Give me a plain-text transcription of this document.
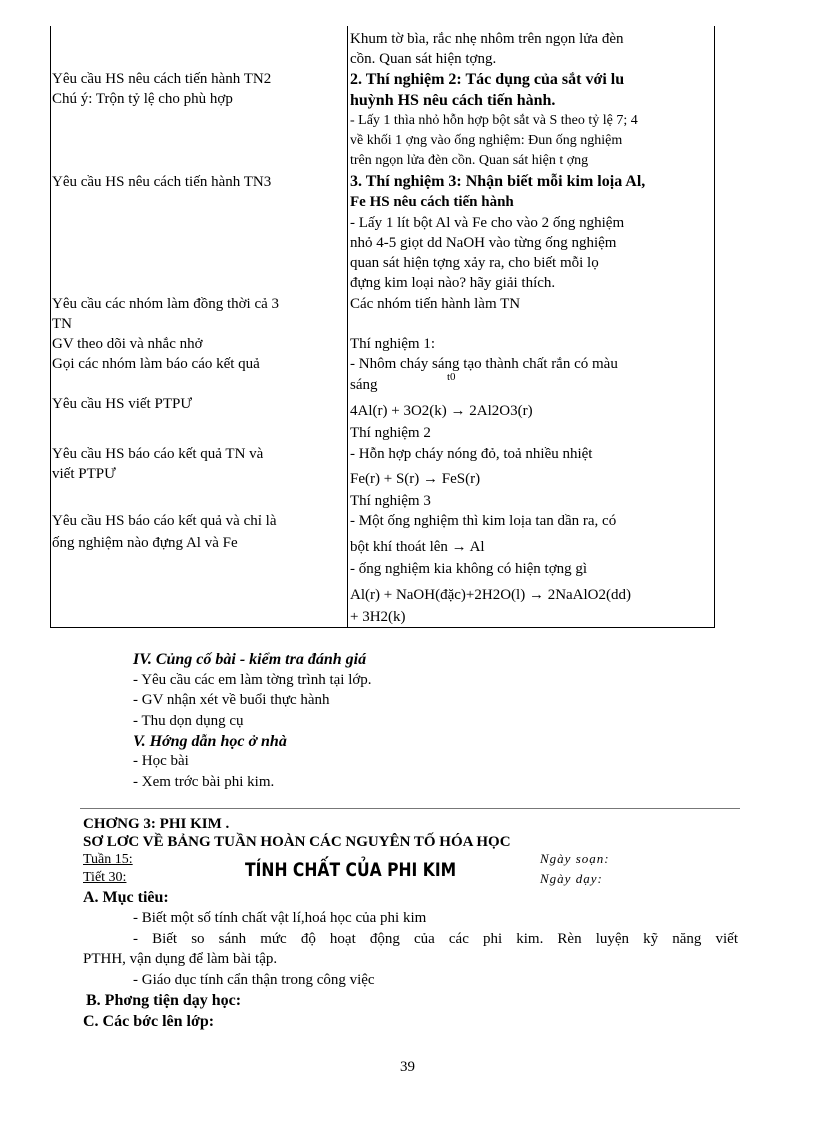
Yêu cầu HS nêu cách tiến hành TN2
Chú ý: Trộn tỷ lệ cho phù hợp
Yêu cầu HS nêu cách tiến hành TN3
Yêu cầu các nhóm làm đồng thời cả 3
TN
GV theo dõi và nhắc nhở
Gọi các nhóm làm báo cáo kết quả
Yêu cầu HS viết PTPƯ
Yêu cầu HS báo cáo kết quả TN và
viết PTPƯ
Yêu cầu HS báo cáo kết quả và chỉ là
ống nghiệm nào đựng Al và Fe
Khum tờ bìa, rắc nhẹ nhôm trên ngọn lửa đèn
cồn. Quan sát hiện tợng.
2. Thí nghiệm 2: Tác dụng của sắt với lu
huỳnh HS nêu cách tiến hành.
- Lấy 1 thìa nhỏ hỗn hợp bột sắt và S theo tỷ lệ 7; 4
về khối 1 ợng vào ống nghiệm: Đun ống nghiệm
trên ngọn lửa đèn cồn. Quan sát hiện t ợng
3. Thí nghiệm 3: Nhận biết mỗi kim loịa Al,
Fe HS nêu cách tiến hành
- Lấy 1 lít bột Al và Fe cho vào 2 ống nghiệm
nhỏ 4-5 giọt dd NaOH vào từng ống nghiệm
quan sát hiện tợng xảy ra, cho biết mỗi lọ
đựng kim loại nào? hãy giải thích.
Các nhóm tiến hành làm TN
Thí nghiệm 1:
- Nhôm cháy sáng tạo thành chất rắn có màu
sáng	t0
4Al(r) + 3O2(k) → 2Al2O3(r)
Thí nghiệm 2
- Hỗn hợp cháy nóng đỏ, toả nhiều nhiệt
Fe(r) + S(r) → FeS(r)
Thí nghiệm 3
- Một ống nghiệm thì kim loịa tan dần ra, có
bột khí thoát lên → Al
- ống nghiệm kia không có hiện tợng gì
Al(r) + NaOH(đặc)+2H2O(l) → 2NaAlO2(dd)
+ 3H2(k)
IV. Củng cố bài - kiểm tra đánh giá
- Yêu cầu các em làm tờng trình tại lớp.
- GV nhận xét về buổi thực hành
- Thu dọn dụng cụ
V. Hớng dẫn học ở nhà
- Học bài
- Xem trớc bài phi kim.
CHƠNG 3: PHI KIM .
SƠ LƠC VỀ BẢNG TUẦN HOÀN CÁC NGUYÊN TỐ HÓA HỌC
Tuần 15:
Tiết 30:	TÍNH CHẤT CỦA PHI KIM
Ngày soạn:
Ngày dạy:
A. Mục tiêu:
- Biết một số tính chất vật lí,hoá học của phi kim
- Biết so sánh mức độ hoạt động của các phi kim. Rèn luyện kỹ năng viết
PTHH, vận dụng để làm bài tập.
- Giáo dục tính cẩn thận trong công việc
B. Phơng tiện dạy học:
C. Các bớc lên lớp:
39
